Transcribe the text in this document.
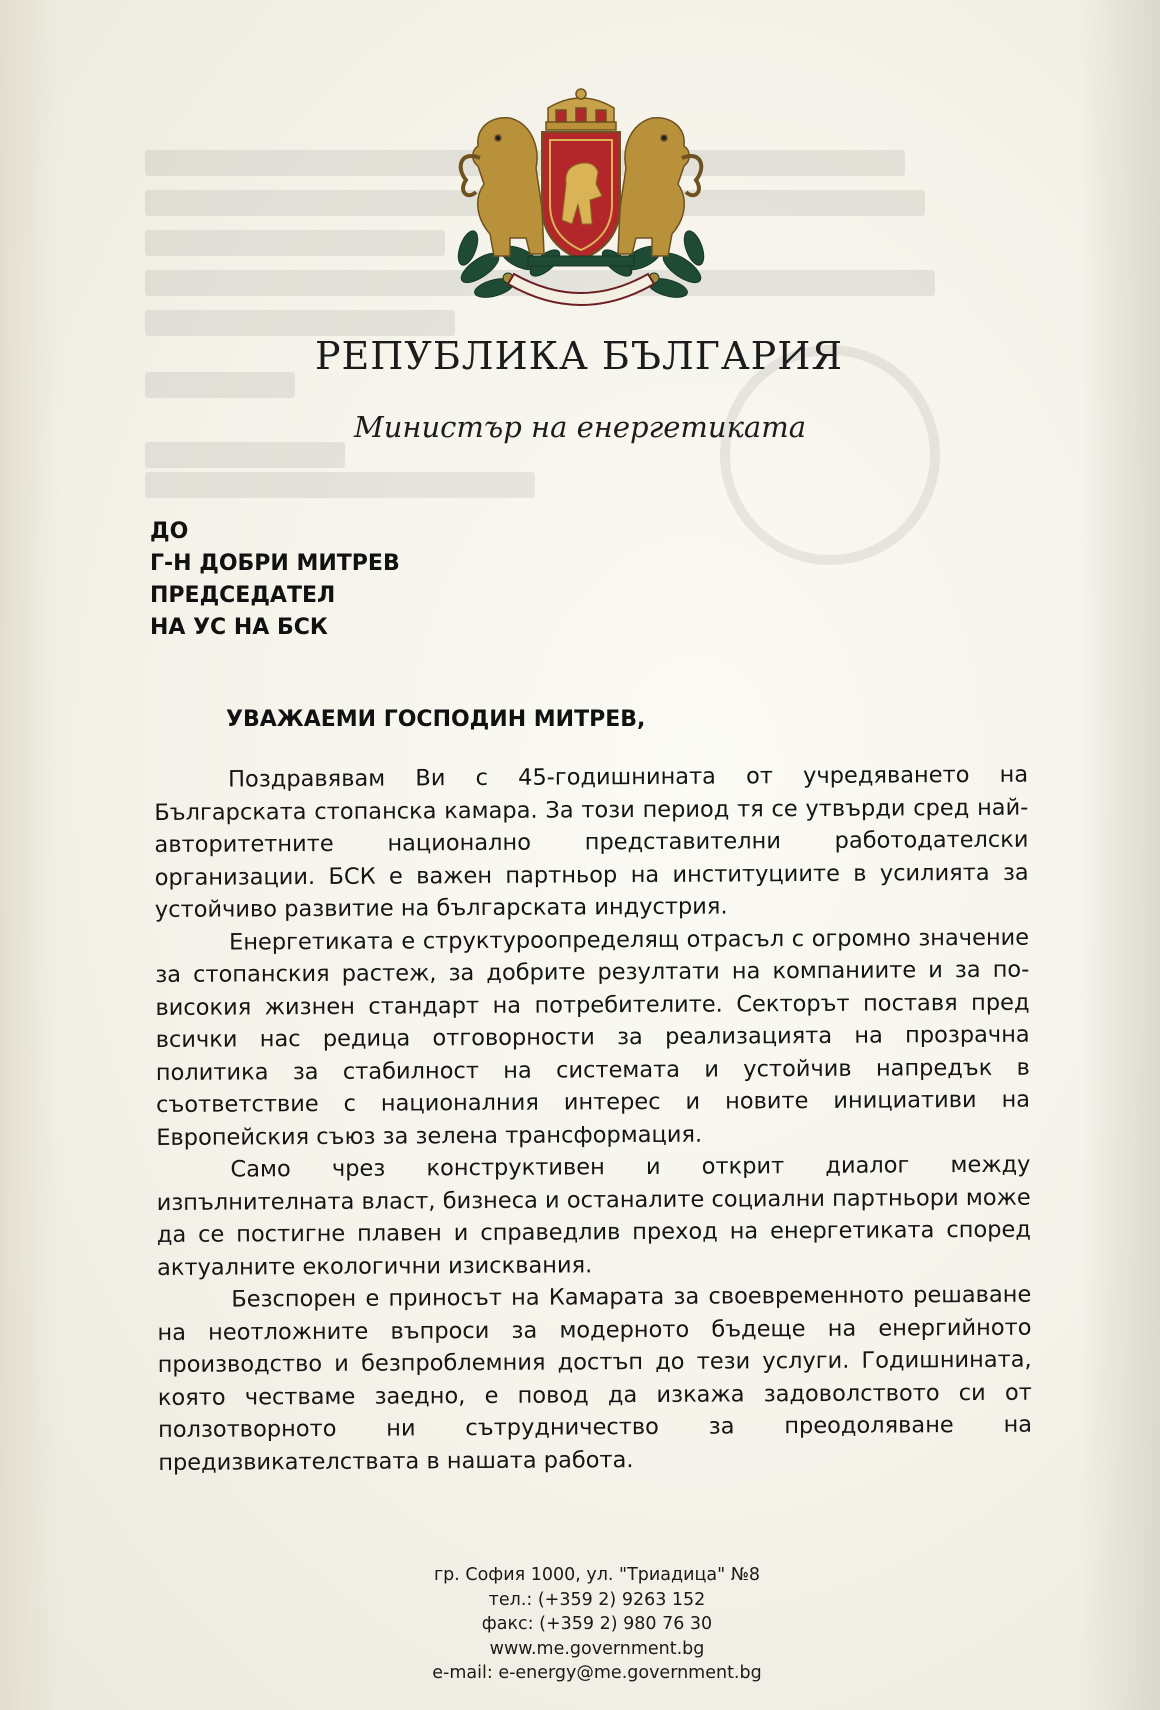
РЕПУБЛИКА БЪЛГАРИЯ
Министър на енергетиката
ДО
Г-Н ДОБРИ МИТРЕВ
ПРЕДСЕДАТЕЛ
НА УС НА БСК
УВАЖАЕМИ ГОСПОДИН МИТРЕВ,

Поздравявам Ви с 45-годишнината от учредяването на Българската стопанска камара. За този период тя се утвърди сред най-авторитетните национално представителни работодателски организации. БСК е важен партньор на институциите в усилията за устойчиво развитие на българската индустрия.

Енергетиката е структуроопределящ отрасъл с огромно значение за стопанския растеж, за добрите резултати на компаниите и за по-високия жизнен стандарт на потребителите. Секторът поставя пред всички нас редица отговорности за реализацията на прозрачна политика за стабилност на системата и устойчив напредък в съответствие с националния интерес и новите инициативи на Европейския съюз за зелена трансформация.

Само чрез конструктивен и открит диалог между изпълнителната власт, бизнеса и останалите социални партньори може да се постигне плавен и справедлив преход на енергетиката според актуалните екологични изисквания.

Безспорен е приносът на Камарата за своевременното решаване на неотложните въпроси за модерното бъдеще на енергийното производство и безпроблемния достъп до тези услуги. Годишнината, която честваме заедно, е повод да изкажа задоволството си от ползотворното ни сътрудничество за преодоляване на предизвикателствата в нашата работа.

гр. София 1000, ул. "Триадица" №8
тел.: (+359 2) 9263 152
факс: (+359 2) 980 76 30
www.me.government.bg
e-mail: e-energy@me.government.bg
